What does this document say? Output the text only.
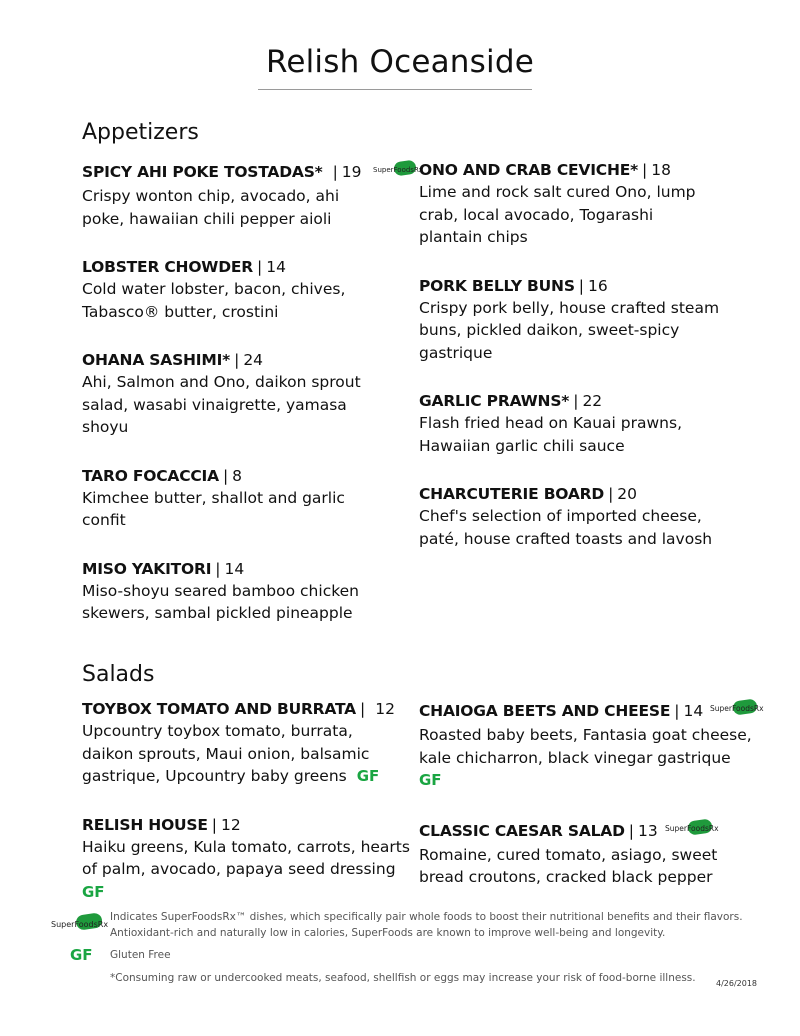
Relish Oceanside
Appetizers
SPICY AHI POKE TOSTADAS* | 19 SuperFoodsRx
Crispy wonton chip, avocado, ahi
poke, hawaiian chili pepper aioli
LOBSTER CHOWDER | 14
Cold water lobster, bacon, chives,
Tabasco® butter, crostini
OHANA SASHIMI* | 24
Ahi, Salmon and Ono, daikon sprout
salad, wasabi vinaigrette, yamasa
shoyu
TARO FOCACCIA | 8
Kimchee butter, shallot and garlic
confit
MISO YAKITORI | 14
Miso-shoyu seared bamboo chicken
skewers, sambal pickled pineapple
ONO AND CRAB CEVICHE* | 18
Lime and rock salt cured Ono, lump
crab, local avocado, Togarashi
plantain chips
PORK BELLY BUNS | 16
Crispy pork belly, house crafted steam
buns, pickled daikon, sweet-spicy
gastrique
GARLIC PRAWNS* | 22
Flash fried head on Kauai prawns,
Hawaiian garlic chili sauce
CHARCUTERIE BOARD | 20
Chef's selection of imported cheese,
paté, house crafted toasts and lavosh
Salads
TOYBOX TOMATO AND BURRATA | 12
Upcountry toybox tomato, burrata,
daikon sprouts, Maui onion, balsamic
gastrique, Upcountry baby greens GF
RELISH HOUSE | 12
Haiku greens, Kula tomato, carrots, hearts
of palm, avocado, papaya seed dressing
GF
CHAIOGA BEETS AND CHEESE | 14 SuperFoodsRx
Roasted baby beets, Fantasia goat cheese,
kale chicharron, black vinegar gastrique
GF
CLASSIC CAESAR SALAD | 13 SuperFoodsRx
Romaine, cured tomato, asiago, sweet
bread croutons, cracked black pepper
SuperFoodsRx
Indicates SuperFoodsRx™ dishes, which specifically pair whole foods to boost their nutritional benefits and their flavors.
Antioxidant-rich and naturally low in calories, SuperFoods are known to improve well-being and longevity.
GF Gluten Free
*Consuming raw or undercooked meats, seafood, shellfish or eggs may increase your risk of food-borne illness.	4/26/2018
